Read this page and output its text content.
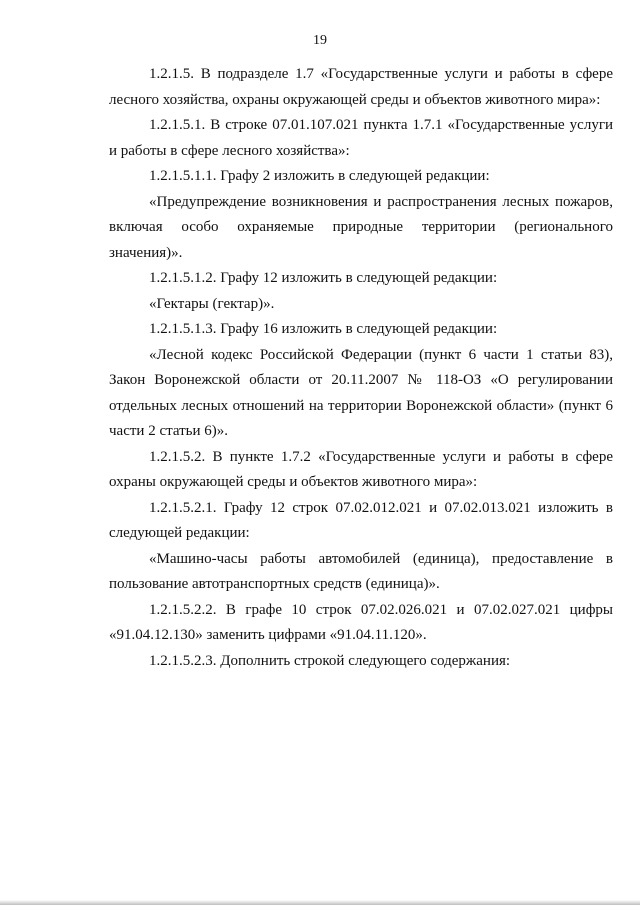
19

1.2.1.5. В подразделе 1.7 «Государственные услуги и работы в сфере лесного хозяйства, охраны окружающей среды и объектов животного мира»:

1.2.1.5.1. В строке 07.01.107.021 пункта 1.7.1 «Государственные услуги и работы в сфере лесного хозяйства»:

1.2.1.5.1.1. Графу 2 изложить в следующей редакции:

«Предупреждение возникновения и распространения лесных пожаров, включая особо охраняемые природные территории (регионального значения)».

1.2.1.5.1.2. Графу 12 изложить в следующей редакции:

«Гектары (гектар)».

1.2.1.5.1.3. Графу 16 изложить в следующей редакции:

«Лесной кодекс Российской Федерации (пункт 6 части 1 статьи 83), Закон Воронежской области от 20.11.2007 № 118-ОЗ «О регулировании отдельных лесных отношений на территории Воронежской области» (пункт 6 части 2 статьи 6)».

1.2.1.5.2. В пункте 1.7.2 «Государственные услуги и работы в сфере охраны окружающей среды и объектов животного мира»:

1.2.1.5.2.1. Графу 12 строк 07.02.012.021 и 07.02.013.021 изложить в следующей редакции:

«Машино-часы работы автомобилей (единица), предоставление в пользование автотранспортных средств (единица)».

1.2.1.5.2.2. В графе 10 строк 07.02.026.021 и 07.02.027.021 цифры «91.04.12.130» заменить цифрами «91.04.11.120».

1.2.1.5.2.3. Дополнить строкой следующего содержания:
